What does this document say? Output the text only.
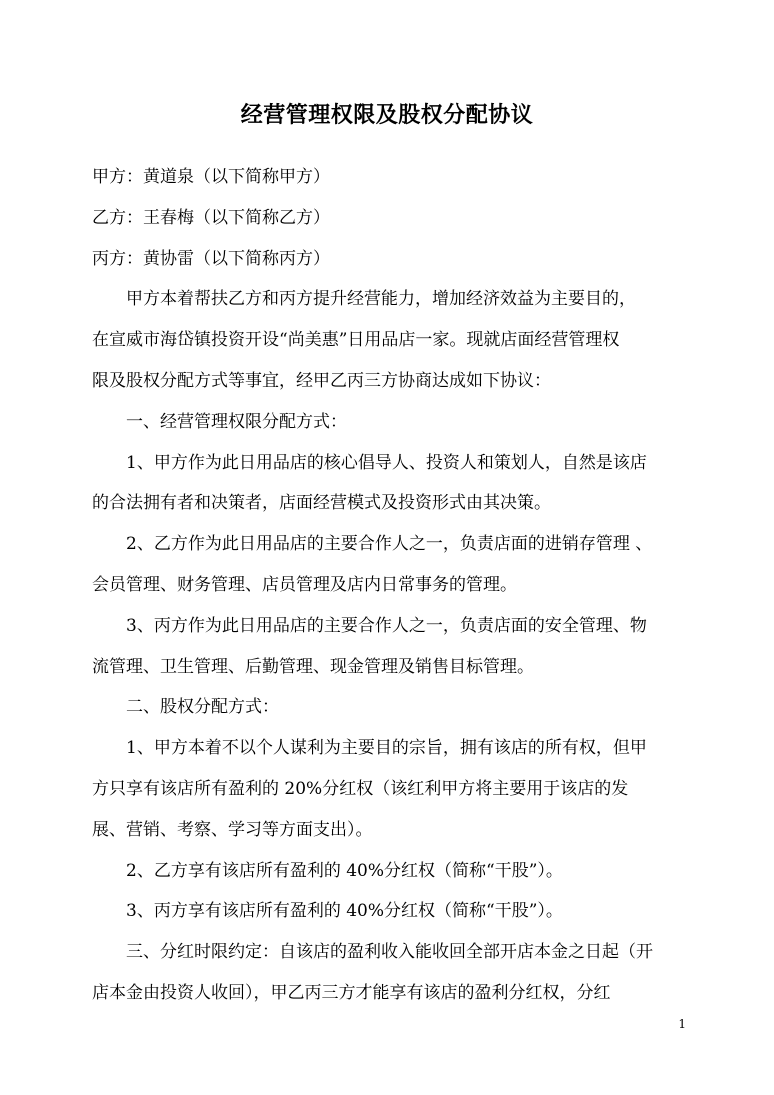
经营管理权限及股权分配协议
甲方：黄道泉（以下简称甲方）
乙方：王春梅（以下简称乙方）
丙方：黄协雷（以下简称丙方）
甲方本着帮扶乙方和丙方提升经营能力，增加经济效益为主要目的，
在宣威市海岱镇投资开设“尚美惠”日用品店一家。现就店面经营管理权
限及股权分配方式等事宜，经甲乙丙三方协商达成如下协议：
一、经营管理权限分配方式：
1、甲方作为此日用品店的核心倡导人、投资人和策划人，自然是该店
的合法拥有者和决策者，店面经营模式及投资形式由其决策。
2、乙方作为此日用品店的主要合作人之一，负责店面的进销存管理 、
会员管理、财务管理、店员管理及店内日常事务的管理。
3、丙方作为此日用品店的主要合作人之一，负责店面的安全管理、物
流管理、卫生管理、后勤管理、现金管理及销售目标管理。
二、股权分配方式：
1、甲方本着不以个人谋利为主要目的宗旨，拥有该店的所有权，但甲
方只享有该店所有盈利的 20%分红权（该红利甲方将主要用于该店的发
展、营销、考察、学习等方面支出）。
2、乙方享有该店所有盈利的 40%分红权（简称“干股”）。
3、丙方享有该店所有盈利的 40%分红权（简称“干股”）。
三、分红时限约定：自该店的盈利收入能收回全部开店本金之日起（开
店本金由投资人收回），甲乙丙三方才能享有该店的盈利分红权，分红
1
